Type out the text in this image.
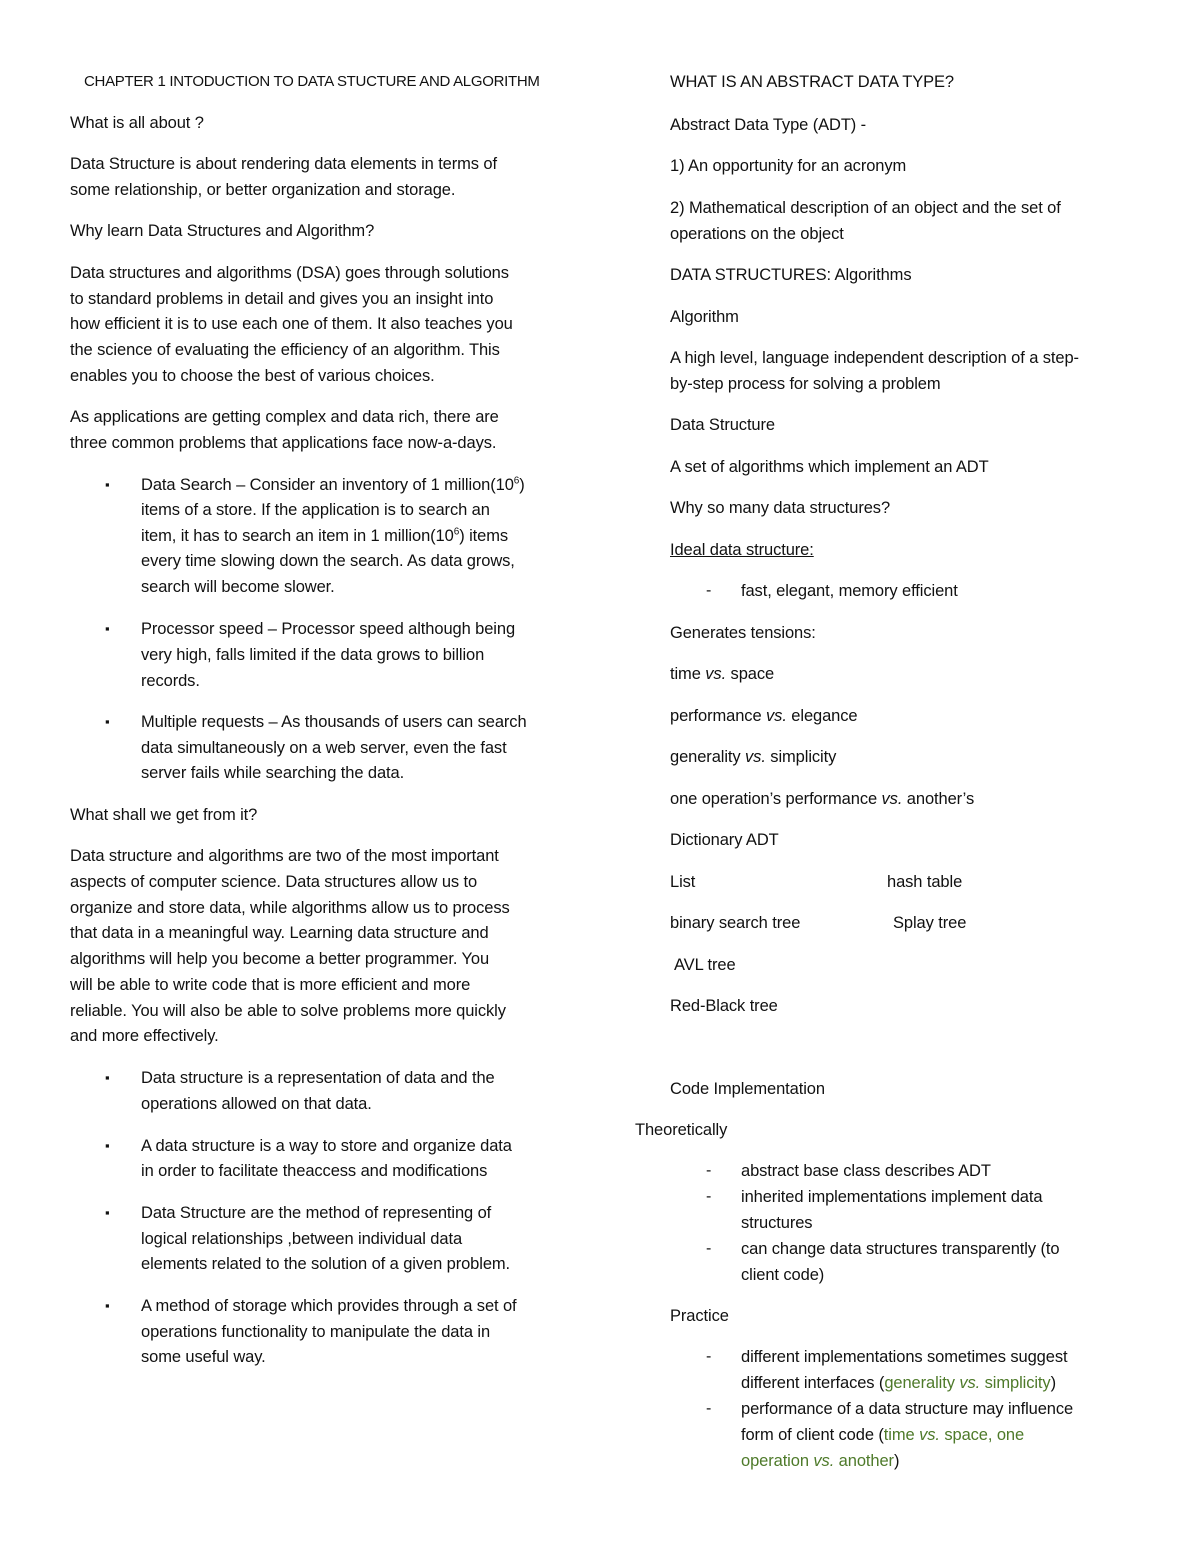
CHAPTER 1 INTODUCTION TO DATA STUCTURE AND ALGORITHM

What is all about ?

Data Structure is about rendering data elements in terms of

some relationship, or better organization and storage.

Why learn Data Structures and Algorithm?

Data structures and algorithms (DSA) goes through solutions

to standard problems in detail and gives you an insight into

how efficient it is to use each one of them. It also teaches you

the science of evaluating the efficiency of an algorithm. This

enables you to choose the best of various choices.

As applications are getting complex and data rich, there are

three common problems that applications face now-a-days.

▪ Data Search – Consider an inventory of 1 $million(10^6)$

items of a store. If the application is to search an

item, it has to search an item in 1 $million(10^6)$ items

every time slowing down the search. As data grows,

search will become slower.

▪ Processor speed – Processor speed although being

very high, falls limited if the data grows to billion

records.

▪ Multiple requests – As thousands of users can search

data simultaneously on a web server, even the fast

server fails while searching the data.

What shall we get from it?

Data structure and algorithms are two of the most important

aspects of computer science. Data structures allow us to

organize and store data, while algorithms allow us to process

that data in a meaningful way. Learning data structure and

algorithms will help you become a better programmer. You

will be able to write code that is more efficient and more

reliable. You will also be able to solve problems more quickly

and more effectively.

▪ Data structure is a representation of data and the

operations allowed on that data.

▪ A data structure is a way to store and organize data

in order to facilitate theaccess and modifications

▪ Data Structure are the method of representing of

logical relationships ,between individual data

elements related to the solution of a given problem.

▪ A method of storage which provides through a set of

operations functionality to manipulate the data in

some useful way.

WHAT IS AN ABSTRACT DATA TYPE?

Abstract Data Type (ADT) -

1) An opportunity for an acronym

2) Mathematical description of an object and the set of

operations on the object

DATA STRUCTURES: Algorithms

Algorithm

A high level, language independent description of a step-

by-step process for solving a problem

Data Structure

A set of algorithms which implement an ADT

Why so many data structures?

Ideal data structure:

- fast, elegant, memory efficient

Generates tensions:

time vs. space

performance vs. elegance

generality vs. simplicity

one operation’s performance vs. another’s

Dictionary ADT

List	hash table

binary search tree	Splay tree

AVL tree

Red-Black tree

Code Implementation

Theoretically

- abstract base class describes ADT

- inherited implementations implement data

structures

- can change data structures transparently (to

client code)

Practice

- different implementations sometimes suggest

different interfaces (generality vs. simplicity)

- performance of a data structure may influence

form of client code (time vs. space, one

operation vs. another)
